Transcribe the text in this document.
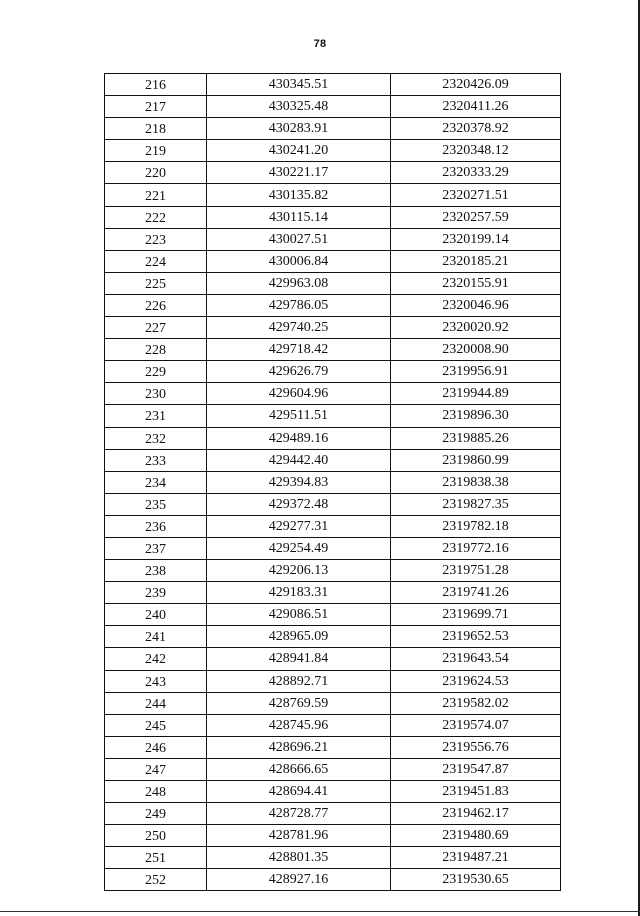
78
216	430345.51	2320426.09
217	430325.48	2320411.26
218	430283.91	2320378.92
219	430241.20	2320348.12
220	430221.17	2320333.29
221	430135.82	2320271.51
222	430115.14	2320257.59
223	430027.51	2320199.14
224	430006.84	2320185.21
225	429963.08	2320155.91
226	429786.05	2320046.96
227	429740.25	2320020.92
228	429718.42	2320008.90
229	429626.79	2319956.91
230	429604.96	2319944.89
231	429511.51	2319896.30
232	429489.16	2319885.26
233	429442.40	2319860.99
234	429394.83	2319838.38
235	429372.48	2319827.35
236	429277.31	2319782.18
237	429254.49	2319772.16
238	429206.13	2319751.28
239	429183.31	2319741.26
240	429086.51	2319699.71
241	428965.09	2319652.53
242	428941.84	2319643.54
243	428892.71	2319624.53
244	428769.59	2319582.02
245	428745.96	2319574.07
246	428696.21	2319556.76
247	428666.65	2319547.87
248	428694.41	2319451.83
249	428728.77	2319462.17
250	428781.96	2319480.69
251	428801.35	2319487.21
252	428927.16	2319530.65
